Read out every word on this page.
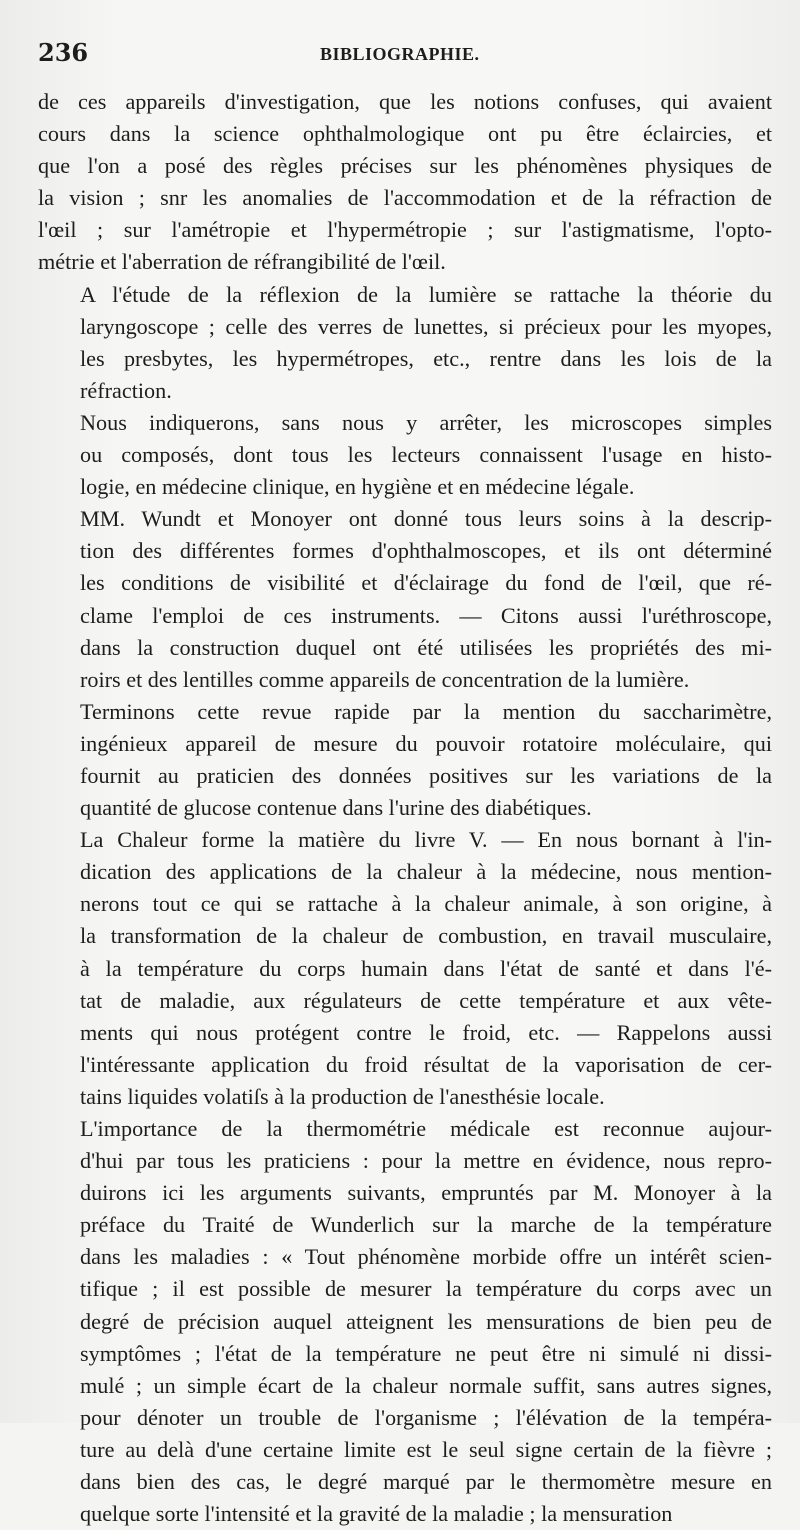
236	BIBLIOGRAPHIE.

de ces appareils d'investigation, que les notions confuses, qui avaient
cours dans la science ophthalmologique ont pu être éclaircies, et
que l'on a posé des règles précises sur les phénomènes physiques de
la vision ; snr les anomalies de l'accommodation et de la réfraction de
l'œil ; sur l'amétropie et l'hypermétropie ; sur l'astigmatisme, l'opto-
métrie et l'aberration de réfrangibilité de l'œil.

A l'étude de la réflexion de la lumière se rattache la théorie du
laryngoscope ; celle des verres de lunettes, si précieux pour les myopes,
les presbytes, les hypermétropes, etc., rentre dans les lois de la
réfraction.

Nous indiquerons, sans nous y arrêter, les microscopes simples
ou composés, dont tous les lecteurs connaissent l'usage en histo-
logie, en médecine clinique, en hygiène et en médecine légale.

MM. Wundt et Monoyer ont donné tous leurs soins à la descrip-
tion des différentes formes d'ophthalmoscopes, et ils ont déterminé
les conditions de visibilité et d'éclairage du fond de l'œil, que ré-
clame l'emploi de ces instruments. — Citons aussi l'uréthroscope,
dans la construction duquel ont été utilisées les propriétés des mi-
roirs et des lentilles comme appareils de concentration de la lumière.

Terminons cette revue rapide par la mention du saccharimètre,
ingénieux appareil de mesure du pouvoir rotatoire moléculaire, qui
fournit au praticien des données positives sur les variations de la
quantité de glucose contenue dans l'urine des diabétiques.

La Chaleur forme la matière du livre V. — En nous bornant à l'in-
dication des applications de la chaleur à la médecine, nous mention-
nerons tout ce qui se rattache à la chaleur animale, à son origine, à
la transformation de la chaleur de combustion, en travail musculaire,
à la température du corps humain dans l'état de santé et dans l'é-
tat de maladie, aux régulateurs de cette température et aux vête-
ments qui nous protégent contre le froid, etc. — Rappelons aussi
l'intéressante application du froid résultat de la vaporisation de cer-
tains liquides volatiſs à la production de l'anesthésie locale.

L'importance de la thermométrie médicale est reconnue aujour-
d'hui par tous les praticiens : pour la mettre en évidence, nous repro-
duirons ici les arguments suivants, empruntés par M. Monoyer à la
préface du Traité de Wunderlich sur la marche de la température
dans les maladies : « Tout phénomène morbide offre un intérêt scien-
tifique ; il est possible de mesurer la température du corps avec un
degré de précision auquel atteignent les mensurations de bien peu de
symptômes ; l'état de la température ne peut être ni simulé ni dissi-
mulé ; un simple écart de la chaleur normale suffit, sans autres signes,
pour dénoter un trouble de l'organisme ; l'élévation de la tempéra-
ture au delà d'une certaine limite est le seul signe certain de la fièvre ;
dans bien des cas, le degré marqué par le thermomètre mesure en
quelque sorte l'intensité et la gravité de la maladie ; la mensuration
